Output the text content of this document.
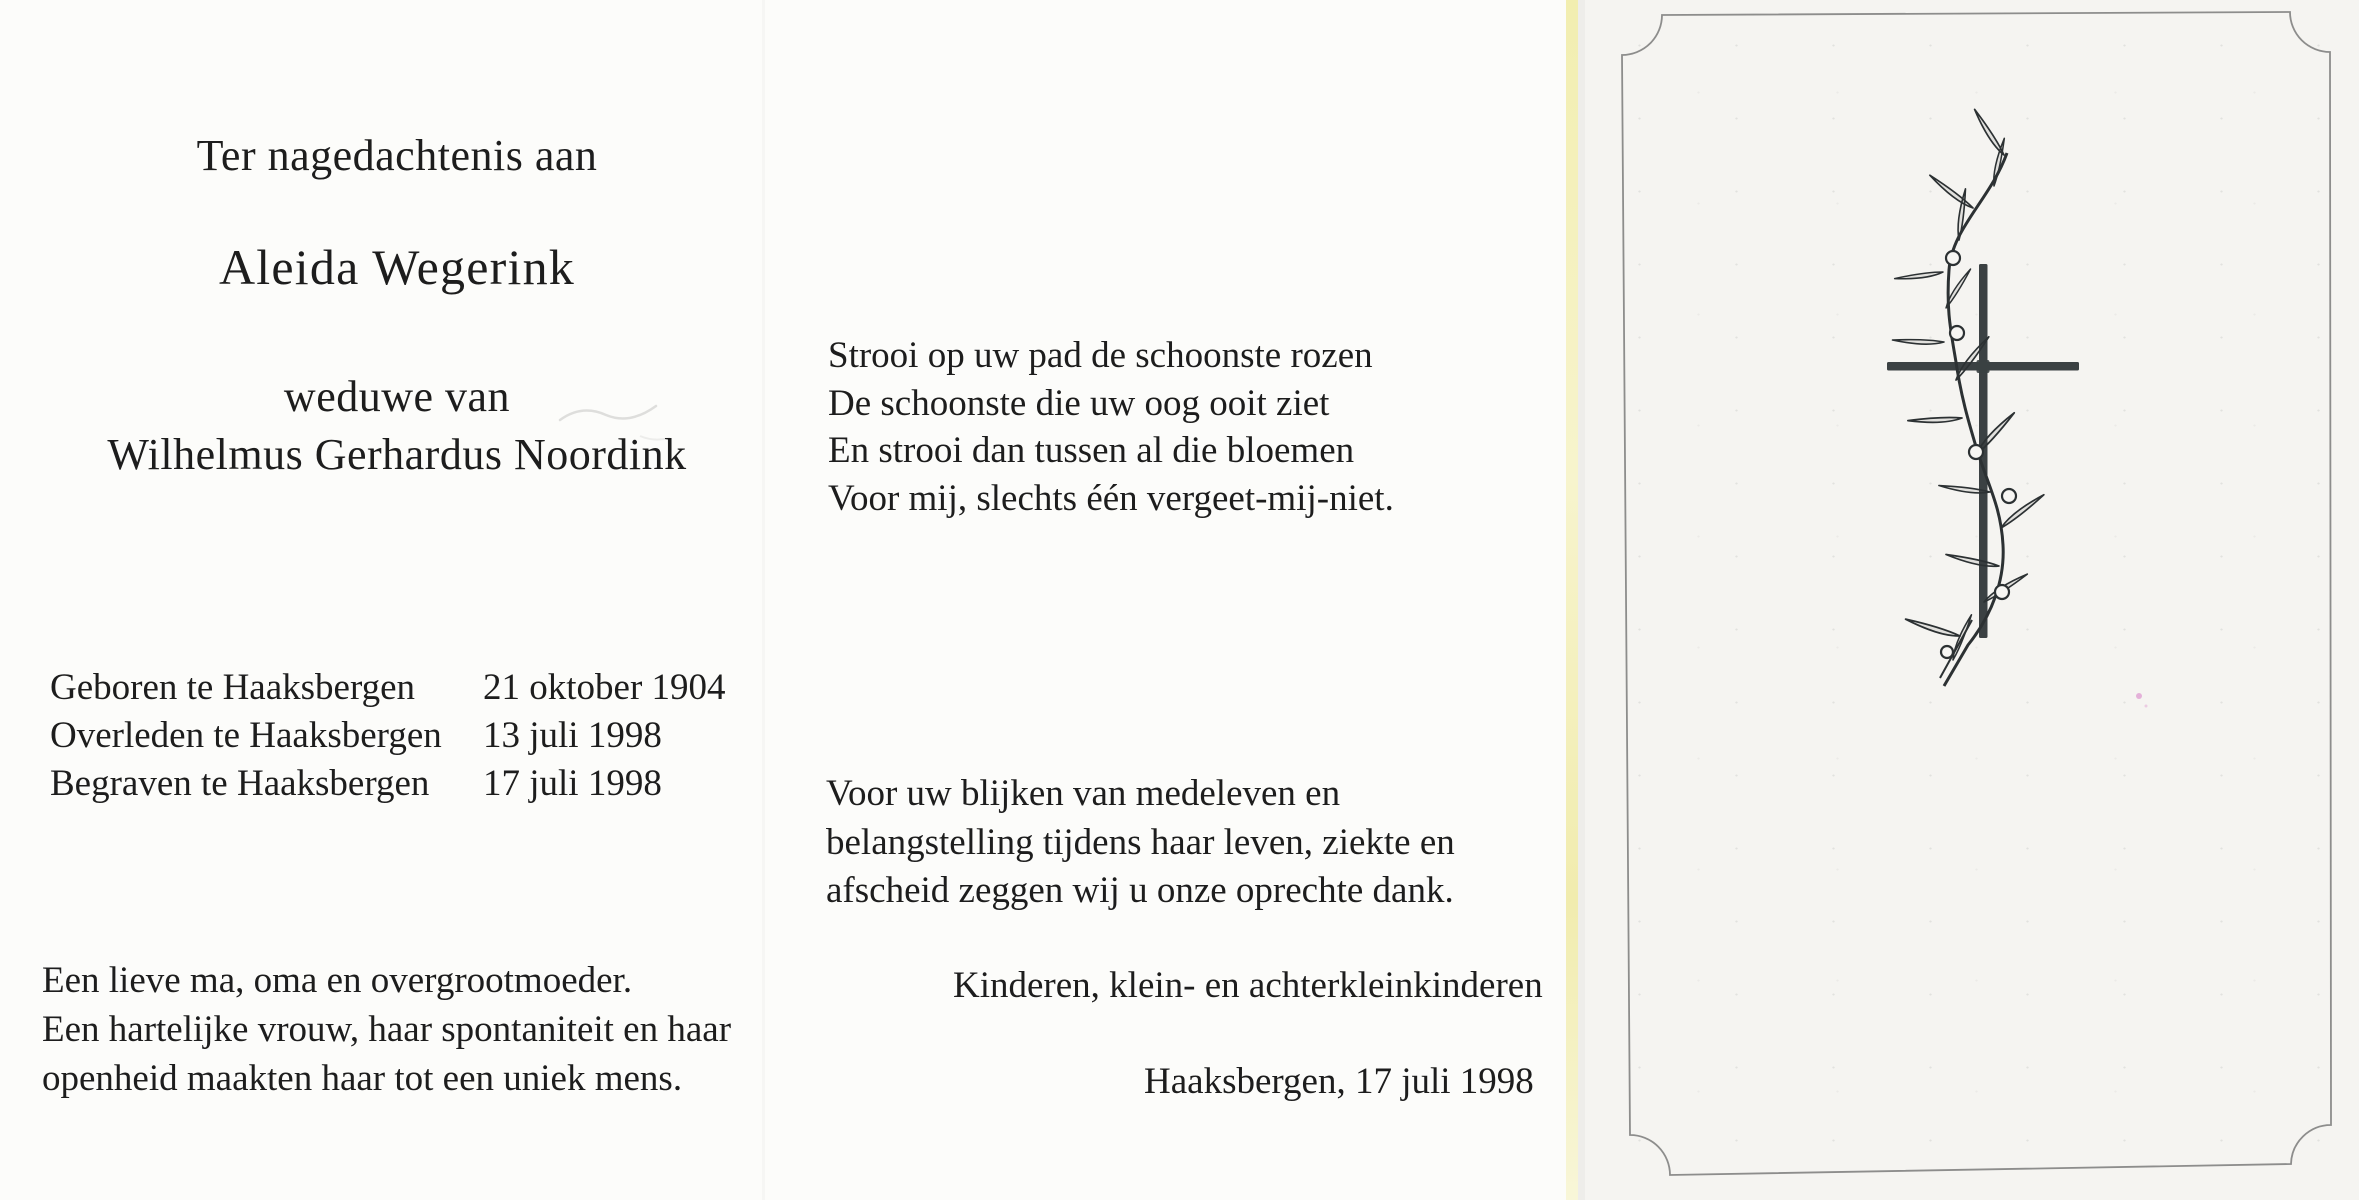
Ter nagedachtenis aan
Aleida Wegerink
weduwe van
Wilhelmus Gerhardus Noordink
Geboren te Haaksbergen 21 oktober 1904
Overleden te Haaksbergen 13 juli 1998
Begraven te Haaksbergen 17 juli 1998
Een lieve ma, oma en overgrootmoeder.
Een hartelijke vrouw, haar spontaniteit en haar
openheid maakten haar tot een uniek mens.
Strooi op uw pad de schoonste rozen
De schoonste die uw oog ooit ziet
En strooi dan tussen al die bloemen
Voor mij, slechts één vergeet-mij-niet.
Voor uw blijken van medeleven en
belangstelling tijdens haar leven, ziekte en
afscheid zeggen wij u onze oprechte dank.
Kinderen, klein- en achterkleinkinderen
Haaksbergen, 17 juli 1998
